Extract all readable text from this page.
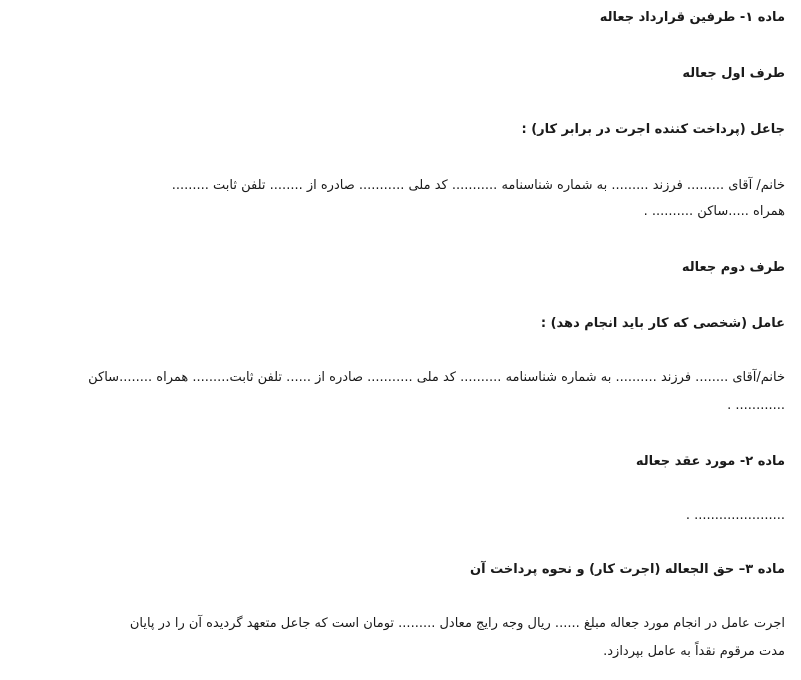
ماده ۱- طرفین قرارداد جعاله

طرف اول جعاله

جاعل (پرداخت کننده اجرت در برابر کار) :

خانم/ آقای ......... فرزند ......... به شماره شناسنامه ........... کد ملی ........... صادره از ........ تلفن ثابت .........

همراه .....ساکن .......... .

طرف دوم جعاله

عامل (شخصی که کار باید انجام دهد) :

خانم/آقای ........ فرزند .......... به شماره شناسنامه .......... کد ملی ........... صادره از ...... تلفن ثابت......... همراه ........ساکن

............ .

ماده ۲- مورد عقد جعاله

...................... .

ماده ۳– حق الجعاله (اجرت کار) و نحوه پرداخت آن

اجرت عامل در انجام مورد جعاله مبلغ ...... ریال وجه رایج معادل ......... تومان است که جاعل متعهد گردیده آن را در پایان

مدت مرقوم نقداً به عامل بپردازد.
